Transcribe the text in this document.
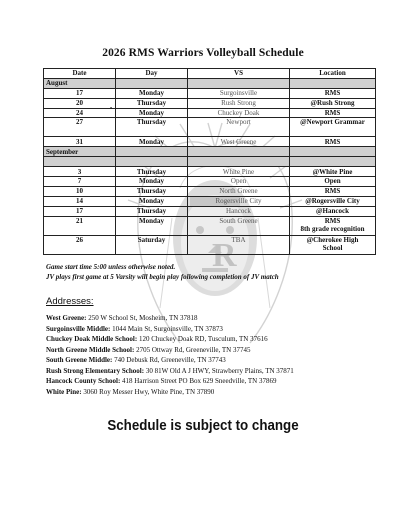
2026 RMS Warriors Volleyball Schedule
R
•
Date	Day	VS	Location
August			
17	Monday	Surgoinsville	RMS
20	Thursday	Rush Strong	@Rush Strong
24	Monday	Chuckey Doak	RMS
27	Thursday	Newport	@Newport Grammar
31	Monday	West Greene	RMS
September			

3	Thursday	White Pine	@White Pine
7	Monday	Open	Open
10	Thursday	North Greene	RMS
14	Monday	Rogersville City	@Rogersville City
17	Thursday	Hancock	@Hancock
21	Monday	South Greene	RMS
8th grade recognition

26	Saturday	TBA	@Cherokee High
School
Game start time 5:00 unless otherwise noted.
JV plays first game at 5 Varsity will begin play following completion of JV match
Addresses:
West Greene: 250 W School St, Mosheim, TN 37818
Surgoinsville Middle: 1044 Main St, Surgoinsville, TN 37873
Chuckey Doak Middle School: 120 Chuckey Doak RD, Tusculum, TN 37616
North Greene Middle School: 2705 Ottway Rd, Greeneville, TN 37745
South Greene Middle: 740 Debusk Rd, Greeneville, TN 37743
Rush Strong Elementary School: 30 81W Old A J HWY, Strawberry Plains, TN 37871
Hancock County School: 418 Harrison Street PO Box 629 Sneedville, TN 37869
White Pine: 3060 Roy Messer Hwy, White Pine, TN 37890
Schedule is subject to change
